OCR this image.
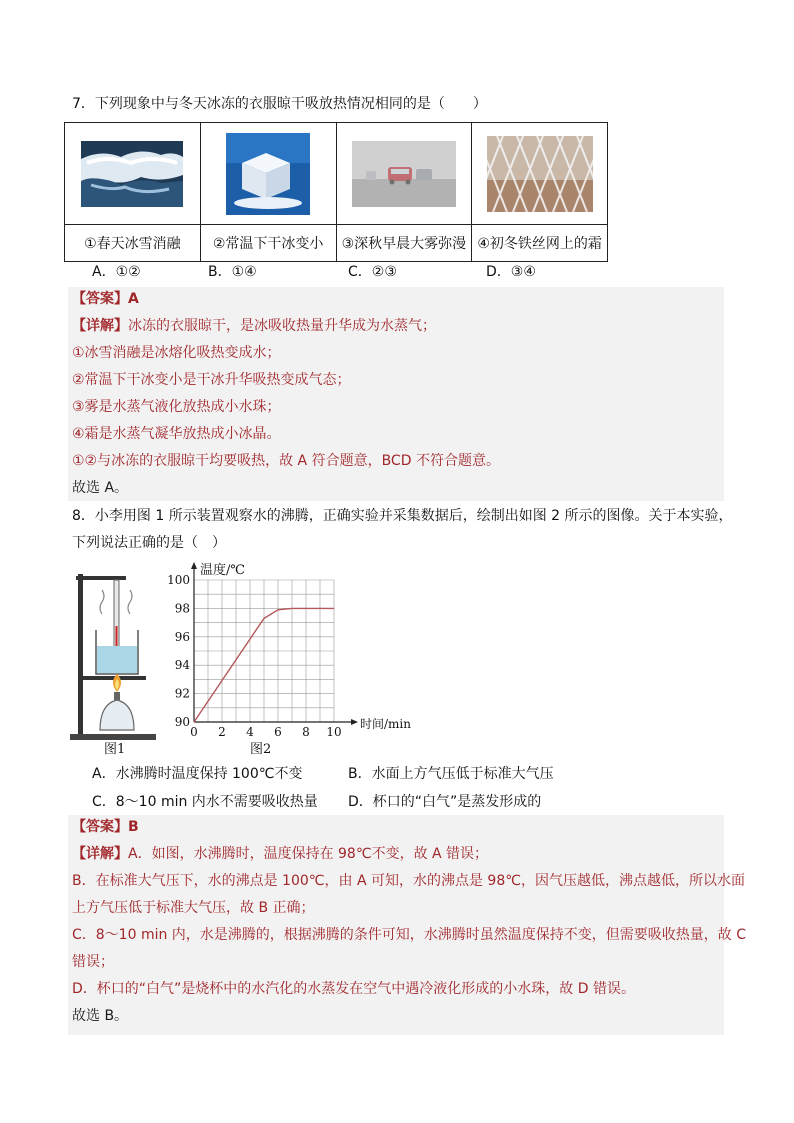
7．下列现象中与冬天冰冻的衣服晾干吸放热情况相同的是（　　）

①春天冰雪消融	②常温下干冰变小	③深秋早晨大雾弥漫	④初冬铁丝网上的霜
A．①②	B．①④	C．②③	D．③④
【答案】A
【详解】冰冻的衣服晾干，是冰吸收热量升华成为水蒸气；
①冰雪消融是冰熔化吸热变成水；
②常温下干冰变小是干冰升华吸热变成气态；
③雾是水蒸气液化放热成小水珠；
④霜是水蒸气凝华放热成小冰晶。
①②与冰冻的衣服晾干均要吸热，故 A 符合题意，BCD 不符合题意。
故选 A。
8．小李用图 1 所示装置观察水的沸腾，正确实验并采集数据后，绘制出如图 2 所示的图像。关于本实验，
下列说法正确的是（　）
图1
0 2 4 6 8 10
90
92
94
96
98
100
温度/℃
时间/min
图2
A．水沸腾时温度保持 100℃不变	B．水面上方气压低于标准大气压
C．8～10 min 内水不需要吸收热量 D．杯口的“白气”是蒸发形成的
【答案】B
【详解】A．如图，水沸腾时，温度保持在 98℃不变，故 A 错误；
B．在标准大气压下，水的沸点是 100℃，由 A 可知，水的沸点是 98℃，因气压越低，沸点越低，所以水面
上方气压低于标准大气压，故 B 正确；
C．8～10 min 内，水是沸腾的，根据沸腾的条件可知，水沸腾时虽然温度保持不变，但需要吸收热量，故 C
错误；
D．杯口的“白气”是烧杯中的水汽化的水蒸发在空气中遇冷液化形成的小水珠，故 D 错误。
故选 B。
